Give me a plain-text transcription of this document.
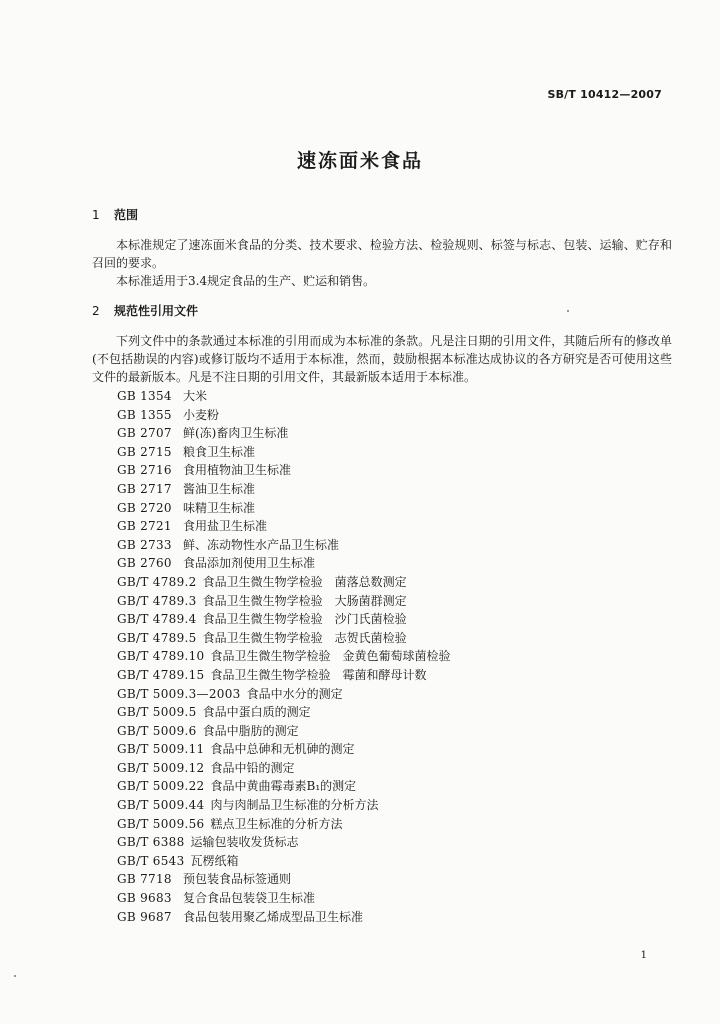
SB/T 10412—2007
速冻面米食品
1 范围
本标准规定了速冻面米食品的分类、技术要求、检验方法、检验规则、标签与标志、包装、运输、贮存和召回的要求。
本标准适用于3.4规定食品的生产、贮运和销售。
2 规范性引用文件
下列文件中的条款通过本标准的引用而成为本标准的条款。凡是注日期的引用文件，其随后所有的修改单(不包括勘误的内容)或修订版均不适用于本标准，然而，鼓励根据本标准达成协议的各方研究是否可使用这些文件的最新版本。凡是不注日期的引用文件，其最新版本适用于本标准。
GB 1354 大米
GB 1355 小麦粉
GB 2707 鲜(冻)畜肉卫生标准
GB 2715 粮食卫生标准
GB 2716 食用植物油卫生标准
GB 2717 酱油卫生标准
GB 2720 味精卫生标准
GB 2721 食用盐卫生标准
GB 2733 鲜、冻动物性水产品卫生标准
GB 2760 食品添加剂使用卫生标准
GB/T 4789.2 食品卫生微生物学检验　菌落总数测定
GB/T 4789.3 食品卫生微生物学检验　大肠菌群测定
GB/T 4789.4 食品卫生微生物学检验　沙门氏菌检验
GB/T 4789.5 食品卫生微生物学检验　志贺氏菌检验
GB/T 4789.10 食品卫生微生物学检验　金黄色葡萄球菌检验
GB/T 4789.15 食品卫生微生物学检验　霉菌和酵母计数
GB/T 5009.3—2003 食品中水分的测定
GB/T 5009.5 食品中蛋白质的测定
GB/T 5009.6 食品中脂肪的测定
GB/T 5009.11 食品中总砷和无机砷的测定
GB/T 5009.12 食品中铅的测定
GB/T 5009.22 食品中黄曲霉毒素B₁的测定
GB/T 5009.44 肉与肉制品卫生标准的分析方法
GB/T 5009.56 糕点卫生标准的分析方法
GB/T 6388 运输包装收发货标志
GB/T 6543 瓦楞纸箱
GB 7718 预包装食品标签通则
GB 9683 复合食品包装袋卫生标准
GB 9687 食品包装用聚乙烯成型品卫生标准
1
